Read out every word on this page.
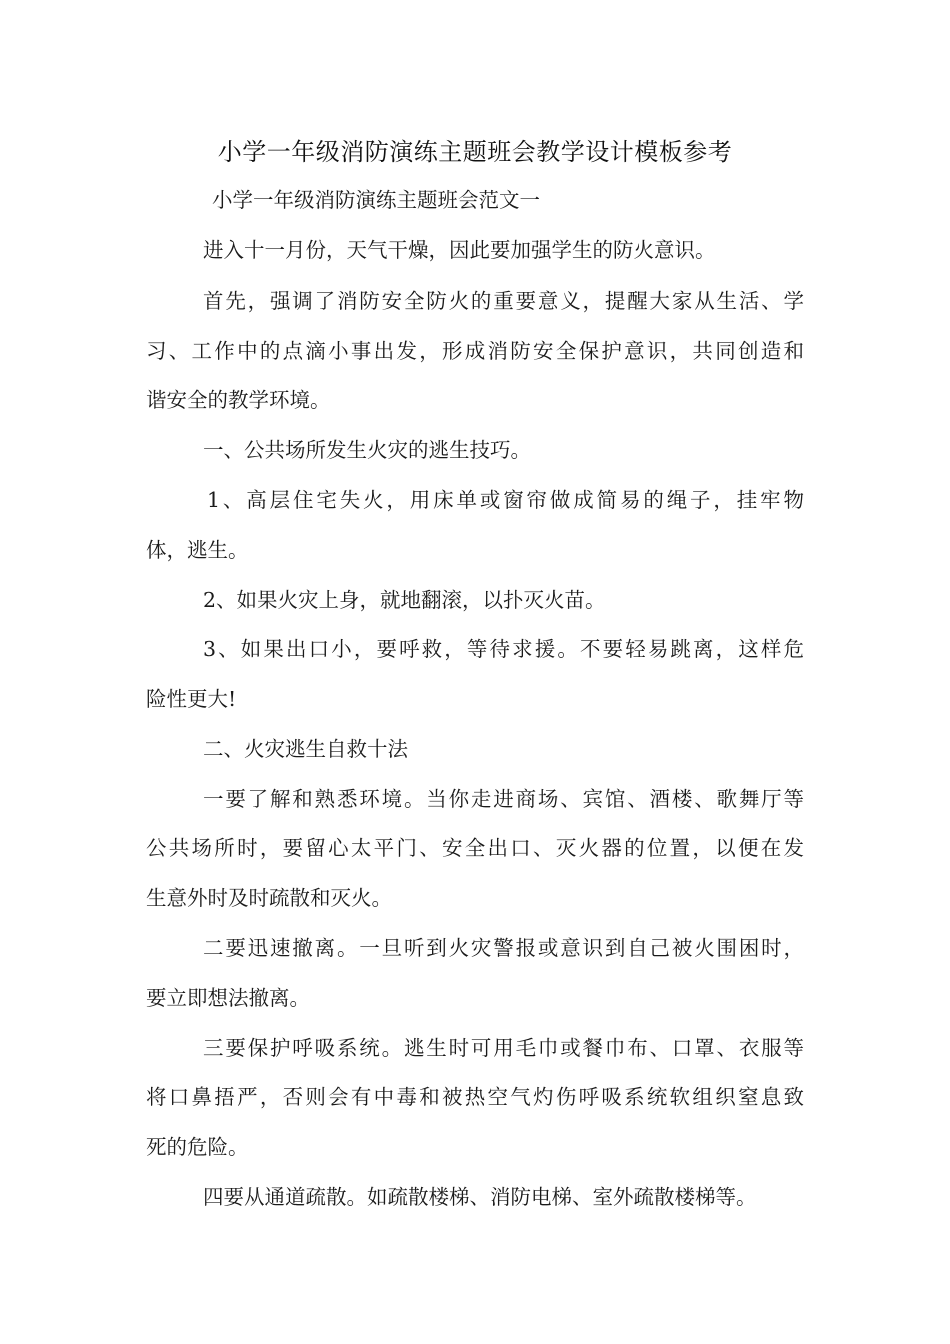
小学一年级消防演练主题班会教学设计模板参考
小学一年级消防演练主题班会范文一
进入十一月份，天气干燥，因此要加强学生的防火意识。
首先，强调了消防安全防火的重要意义，提醒大家从生活、学
习、工作中的点滴小事出发，形成消防安全保护意识，共同创造和
谐安全的教学环境。
一、公共场所发生火灾的逃生技巧。
1、高层住宅失火，用床单或窗帘做成简易的绳子，挂牢物
体，逃生。
2、如果火灾上身，就地翻滚，以扑灭火苗。
3、如果出口小，要呼救，等待求援。不要轻易跳离，这样危
险性更大!
二、火灾逃生自救十法
一要了解和熟悉环境。当你走进商场、宾馆、酒楼、歌舞厅等
公共场所时，要留心太平门、安全出口、灭火器的位置，以便在发
生意外时及时疏散和灭火。
二要迅速撤离。一旦听到火灾警报或意识到自己被火围困时，
要立即想法撤离。
三要保护呼吸系统。逃生时可用毛巾或餐巾布、口罩、衣服等
将口鼻捂严，否则会有中毒和被热空气灼伤呼吸系统软组织窒息致
死的危险。
四要从通道疏散。如疏散楼梯、消防电梯、室外疏散楼梯等。
